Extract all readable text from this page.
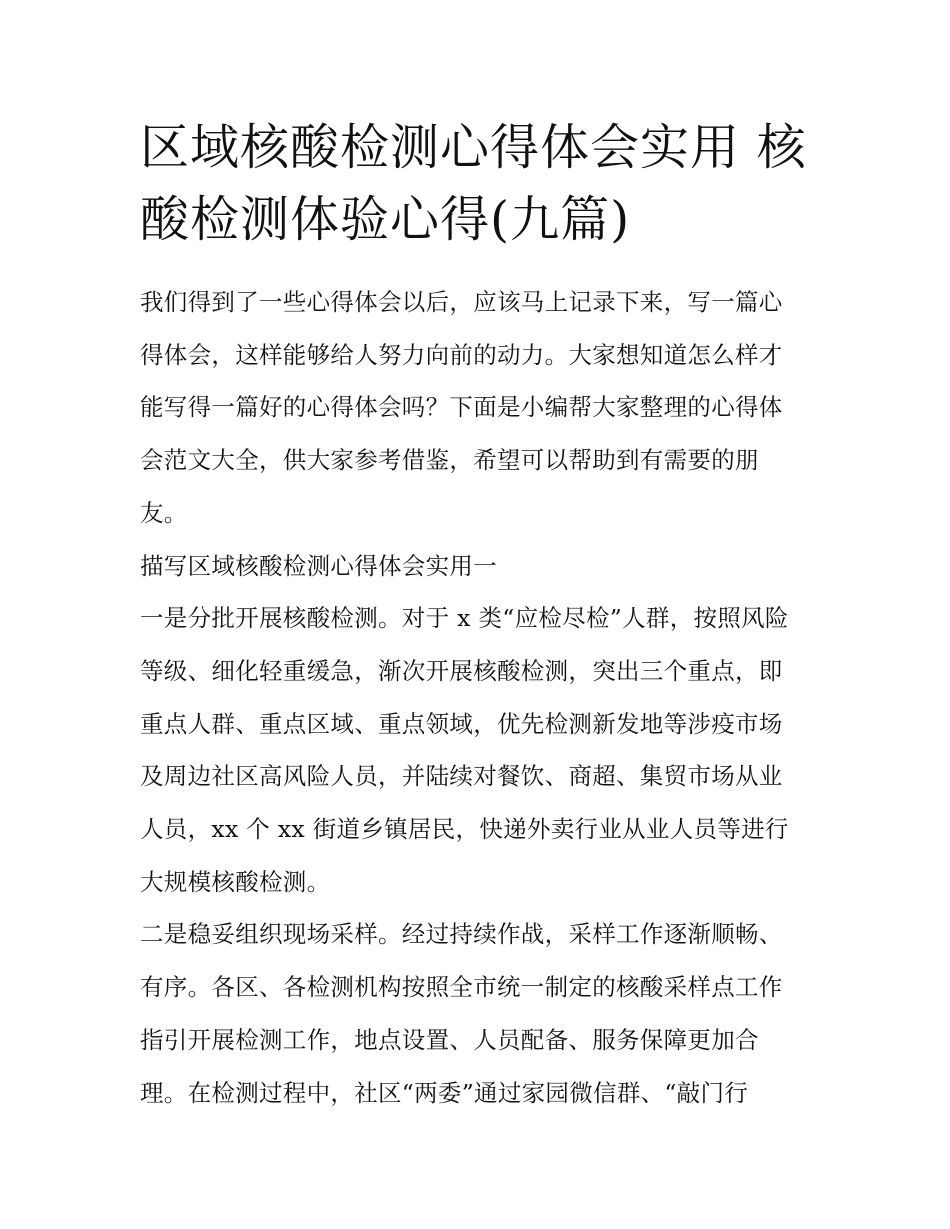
区域核酸检测心得体会实用 核
酸检测体验心得(九篇)

我们得到了一些心得体会以后，应该马上记录下来，写一篇心
得体会，这样能够给人努力向前的动力。大家想知道怎么样才
能写得一篇好的心得体会吗？下面是小编帮大家整理的心得体
会范文大全，供大家参考借鉴，希望可以帮助到有需要的朋
友。

描写区域核酸检测心得体会实用一

一是分批开展核酸检测。对于 x 类“应检尽检”人群，按照风险
等级、细化轻重缓急，渐次开展核酸检测，突出三个重点，即
重点人群、重点区域、重点领域，优先检测新发地等涉疫市场
及周边社区高风险人员，并陆续对餐饮、商超、集贸市场从业
人员，xx 个 xx 街道乡镇居民，快递外卖行业从业人员等进行
大规模核酸检测。

二是稳妥组织现场采样。经过持续作战，采样工作逐渐顺畅、
有序。各区、各检测机构按照全市统一制定的核酸采样点工作
指引开展检测工作，地点设置、人员配备、服务保障更加合
理。在检测过程中，社区“两委”通过家园微信群、“敲门行
